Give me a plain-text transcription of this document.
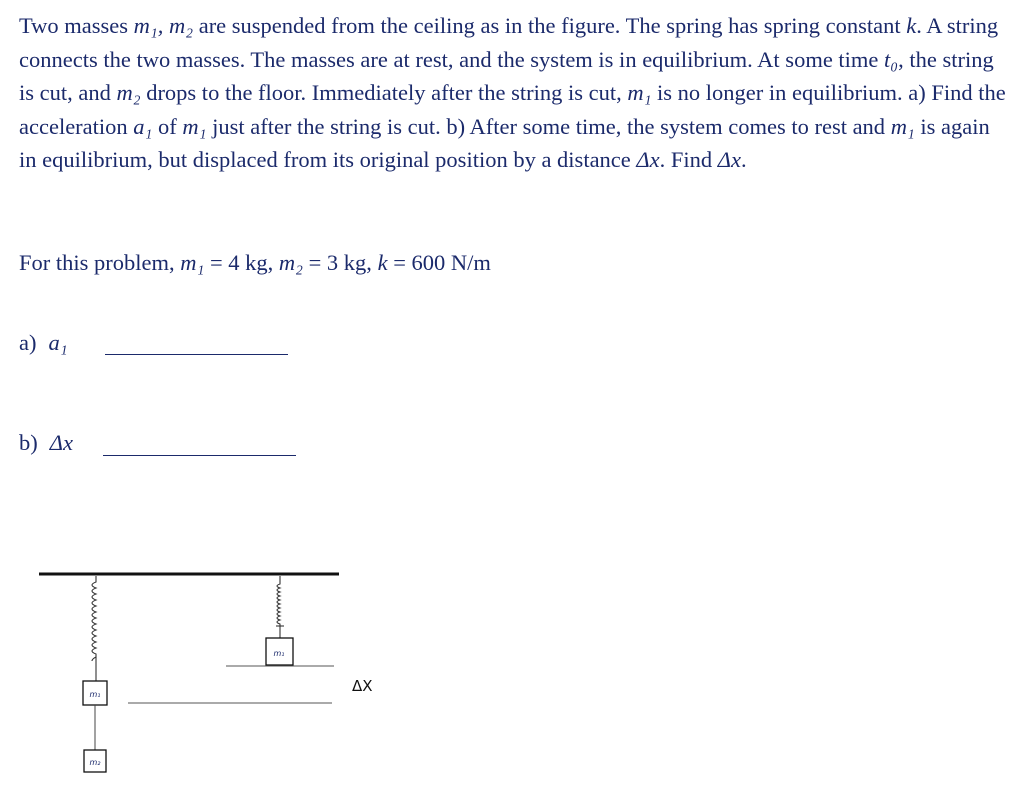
Two masses m₁, m₂ are suspended from the ceiling as in the figure. The spring has spring constant k. A string connects the two masses. The masses are at rest, and the system is in equilibrium. At some time t₀, the string is cut, and m₂ drops to the floor. Immediately after the string is cut, m₁ is no longer in equilibrium. a) Find the acceleration a₁ of m₁ just after the string is cut. b) After some time, the system comes to rest and m₁ is again in equilibrium, but displaced from its original position by a distance Δx. Find Δx.

For this problem, m₁ = 4 kg, m₂ = 3 kg, k = 600 N/m

a) a₁
b) Δx
m₁
m₂
m₁
ΔX
